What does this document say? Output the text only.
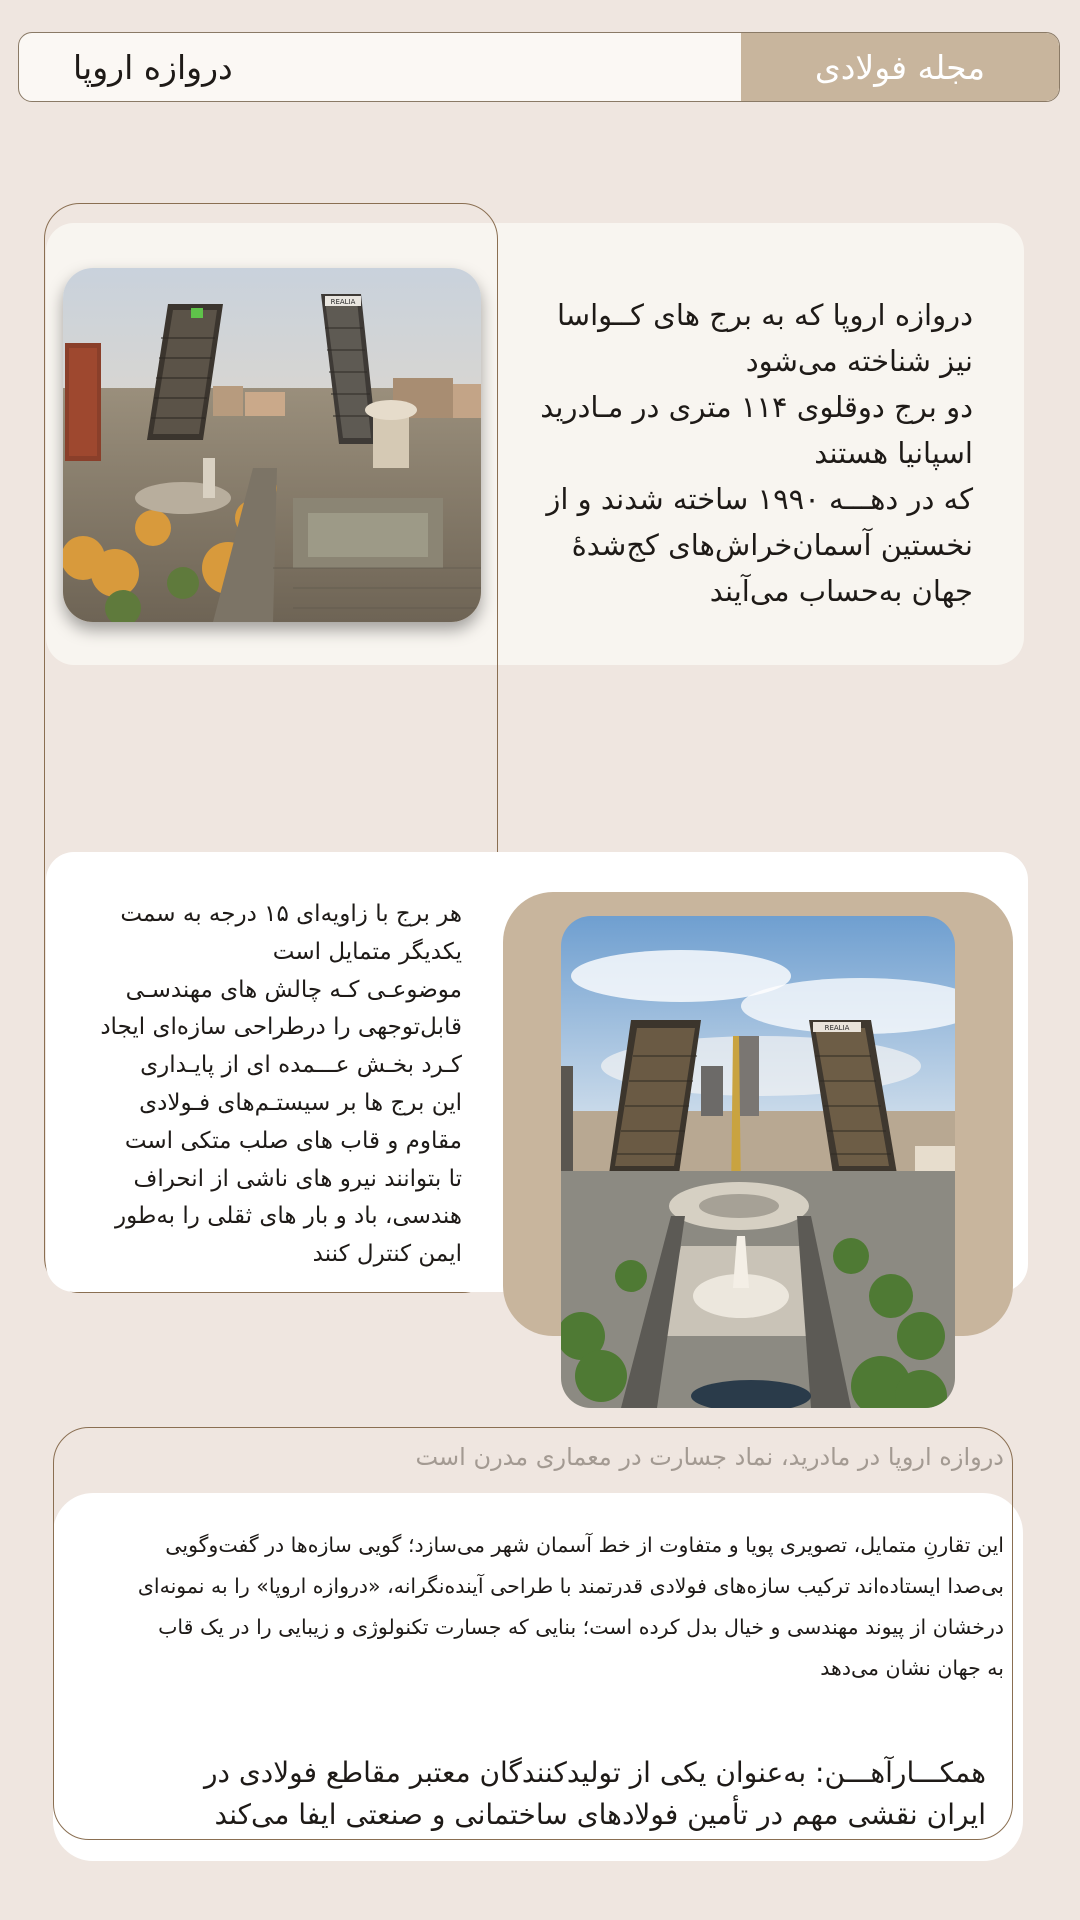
مجله فولادی
دروازه اروپا
REALIA	دروازه اروپا که به برج های کــواسا
نیز شناخته می‌شود
دو برج دوقلوی ۱۱۴ متری در مـادرید
اسپانیا هستند
که در دهـــه ۱۹۹۰ ساخته شدند و از
نخستین آسمان‌خراش‌های کج‌شدهٔ
جهان به‌حساب می‌آیند
REALIA
هر برج با زاویه‌ای ۱۵ درجه به سمت
یکدیگر متمایل است
موضوعـی کـه چالش های مهندسـی
قابل‌توجهی را درطراحی سازه‌ای ایجاد
کـرد بخـش عـــمده ای از پایـداری
این برج ها بر سیستـم‌های فـولادی
مقاوم و قاب های صلب متکی است
تا بتوانند نیرو های ناشی از انحراف
هندسی، باد و بار های ثقلی را به‌طور
ایمن کنترل کنند
دروازه اروپا در مادرید، نماد جسارت در معماری مدرن است
این تقارنِ متمایل، تصویری پویا و متفاوت از خط آسمان شهر می‌سازد؛ گویی سازه‌ها در گفت‌وگویی
بی‌صدا ایستاده‌اند ترکیب سازه‌های فولادی قدرتمند با طراحی آینده‌نگرانه، «دروازه اروپا» را به نمونه‌ای
درخشان از پیوند مهندسی و خیال بدل کرده است؛ بنایی که جسارت تکنولوژی و زیبایی را در یک قاب
به جهان نشان می‌دهد
همکـــارآهـــن: به‌عنوان یکی از تولیدکنندگان معتبر مقاطع فولادی در
ایران نقشی مهم در تأمین فولادهای ساختمانی و صنعتی ایفا می‌کند
